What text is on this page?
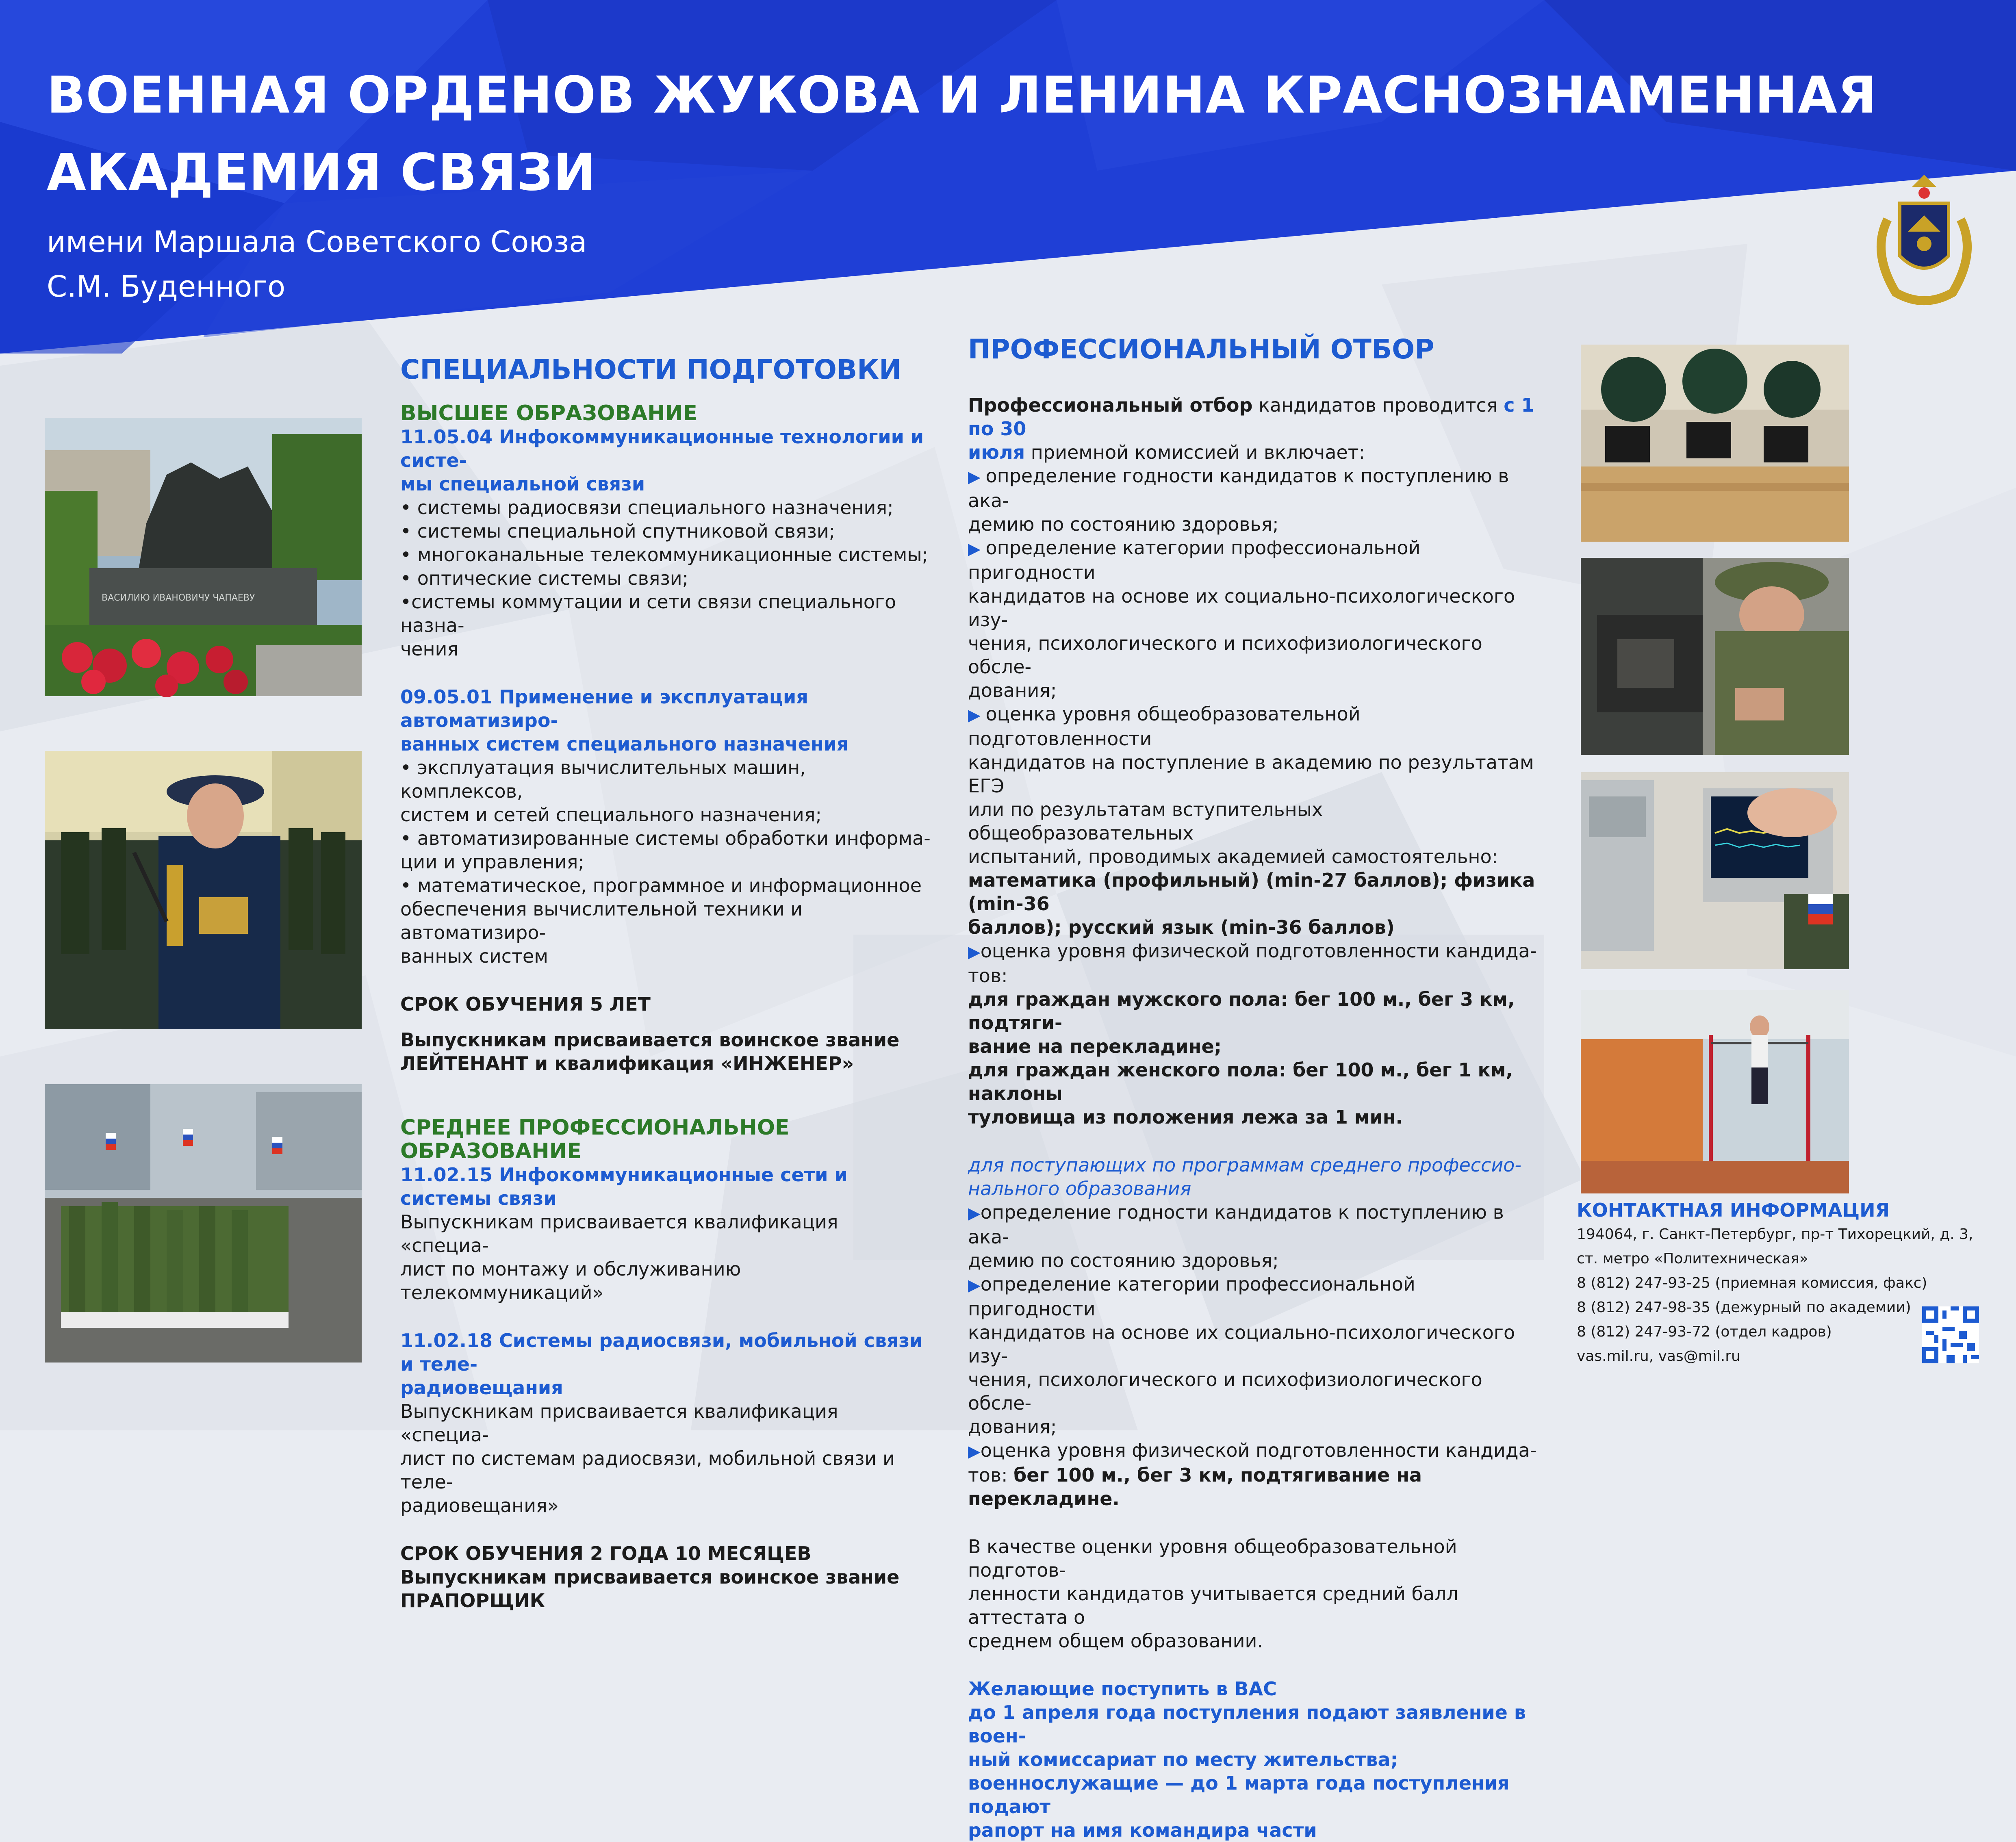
ВОЕННАЯ ОРДЕНОВ ЖУКОВА И ЛЕНИНА КРАСНОЗНАМЕННАЯ
АКАДЕМИЯ СВЯЗИ
имени Маршала Советского Союза
С.М. Буденного
ВАСИЛИЮ ИВАНОВИЧУ ЧАПАЕВУ
СПЕЦИАЛЬНОСТИ ПОДГОТОВКИ
ВЫСШЕЕ ОБРАЗОВАНИЕ
11.05.04 Инфокоммуникационные технологии и систе-
мы специальной связи
• системы радиосвязи специального назначения;
• системы специальной спутниковой связи;
• многоканальные телекоммуникационные системы;
• оптические системы связи;
•системы коммутации и сети связи специального назна-
чения
09.05.01 Применение и эксплуатация автоматизиро-
ванных систем специального назначения
• эксплуатация вычислительных машин, комплексов,
систем и сетей специального назначения;
• автоматизированные системы обработки информа-
ции и управления;
• математическое, программное и информационное
обеспечения вычислительной техники и автоматизиро-
ванных систем
СРОК ОБУЧЕНИЯ 5 ЛЕТ
Выпускникам присваивается воинское звание
ЛЕЙТЕНАНТ и квалификация «ИНЖЕНЕР»
СРЕДНЕЕ ПРОФЕССИОНАЛЬНОЕ
ОБРАЗОВАНИЕ
11.02.15 Инфокоммуникационные сети и системы связи
Выпускникам присваивается квалификация «специа-
лист по монтажу и обслуживанию телекоммуникаций»
11.02.18 Системы радиосвязи, мобильной связи и теле-
радиовещания
Выпускникам присваивается квалификация «специа-
лист по системам радиосвязи, мобильной связи и теле-
радиовещания»
СРОК ОБУЧЕНИЯ 2 ГОДА 10 МЕСЯЦЕВ
Выпускникам присваивается воинское звание
ПРАПОРЩИК
ПРОФЕССИОНАЛЬНЫЙ ОТБОР
Профессиональный отбор кандидатов проводится с 1 по 30
июля приемной комиссией и включает:
▶ определение годности кандидатов к поступлению в ака-
демию по состоянию здоровья;
▶ определение категории профессиональной пригодности
кандидатов на основе их социально-психологического изу-
чения, психологического и психофизиологического обсле-
дования;
▶ оценка уровня общеобразовательной подготовленности
кандидатов на поступление в академию по результатам ЕГЭ
или по результатам вступительных общеобразовательных
испытаний, проводимых академией самостоятельно:
математика (профильный) (min-27 баллов); физика (min-36
баллов); русский язык (min-36 баллов)
▶оценка уровня физической подготовленности кандида-
тов:
для граждан мужского пола: бег 100 м., бег 3 км, подтяги-
вание на перекладине;
для граждан женского пола: бег 100 м., бег 1 км, наклоны
туловища из положения лежа за 1 мин.
для поступающих по программам среднего профессио-
нального образования
▶определение годности кандидатов к поступлению в ака-
демию по состоянию здоровья;
▶определение категории профессиональной пригодности
кандидатов на основе их социально-психологического изу-
чения, психологического и психофизиологического обсле-
дования;
▶оценка уровня физической подготовленности кандида-
тов: бег 100 м., бег 3 км, подтягивание на перекладине.
В качестве оценки уровня общеобразовательной подготов-
ленности кандидатов учитывается средний балл аттестата о
среднем общем образовании.
Желающие поступить в ВАС
до 1 апреля года поступления подают заявление в воен-
ный комиссариат по месту жительства;
военнослужащие — до 1 марта года поступления подают
рапорт на имя командира части
КОНТАКТНАЯ ИНФОРМАЦИЯ
194064, г. Санкт-Петербург, пр-т Тихорецкий, д. 3,
ст. метро «Политехническая»
8 (812) 247-93-25 (приемная комиссия, факс)
8 (812) 247-98-35 (дежурный по академии)
8 (812) 247-93-72 (отдел кадров)
vas.mil.ru, vas@mil.ru
